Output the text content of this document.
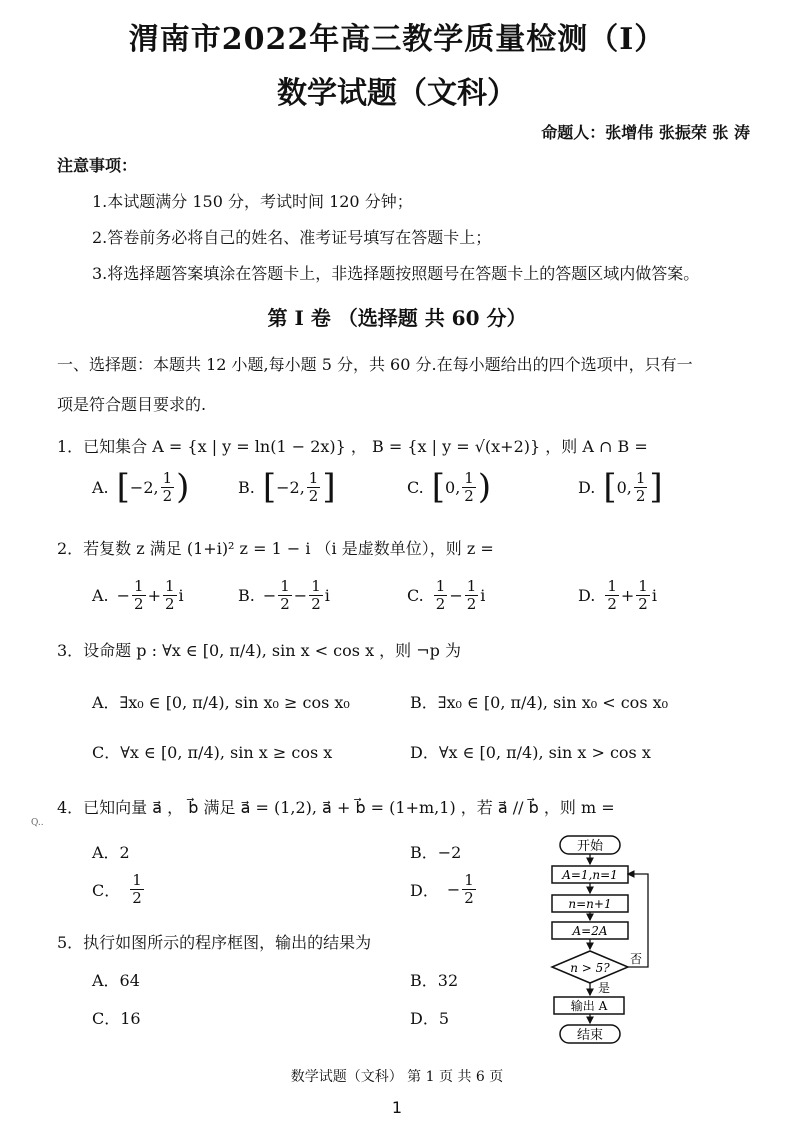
渭南市2022年高三教学质量检测（I）
数学试题（文科）
命题人：张增伟 张振荣 张 涛
注意事项：
1.本试题满分 150 分，考试时间 120 分钟；
2.答卷前务必将自己的姓名、准考证号填写在答题卡上；
3.将选择题答案填涂在答题卡上，非选择题按照题号在答题卡上的答题区域内做答案。
第 I 卷 （选择题 共 60 分）
一、选择题：本题共 12 小题,每小题 5 分，共 60 分.在每小题给出的四个选项中，只有一
项是符合题目要求的.
1．已知集合 A = {x | y = ln(1 − 2x)} ， B = {x | y = √(x+2)} ，则 A ∩ B =
A. [ −2, $\frac{1}{2}$ )	B. [ −2, $\frac{1}{2}$ ]	C. [ 0, $\frac{1}{2}$ )	D. [ 0, $\frac{1}{2}$ ]
2．若复数 z 满足 (1+i)² z = 1 − i （i 是虚数单位），则 z =
A. − $\frac{1}{2} + \frac{1}{2}$ i	B. − $\frac{1}{2} - \frac{1}{2}$ i	C. $\frac{1}{2} - \frac{1}{2}$ i	D. $\frac{1}{2} + \frac{1}{2}$ i
3．设命题 p : ∀x ∈ [0, π/4), sin x < cos x ，则 ¬p 为
A．∃x₀ ∈ [0, π/4), sin x₀ ≥ cos x₀	B．∃x₀ ∈ [0, π/4), sin x₀ < cos x₀
C．∀x ∈ [0, π/4), sin x ≥ cos x	D．∀x ∈ [0, π/4), sin x > cos x
Q..
4．已知向量 a⃗ ， b⃗ 满足 a⃗ = (1,2), a⃗ + b⃗ = (1+m,1) ，若 a⃗ // b⃗ ，则 m =
A．2	B．−2
C． $\frac{1}{2}$	D． − $\frac{1}{2}$
5．执行如图所示的程序框图，输出的结果为
A．64	B．32
C．16	D．5
开始
A=1,n=1
n=n+1
A=2A
n > 5?
否
是
输出 A
结束
数学试题（文科） 第 1 页 共 6 页
1
